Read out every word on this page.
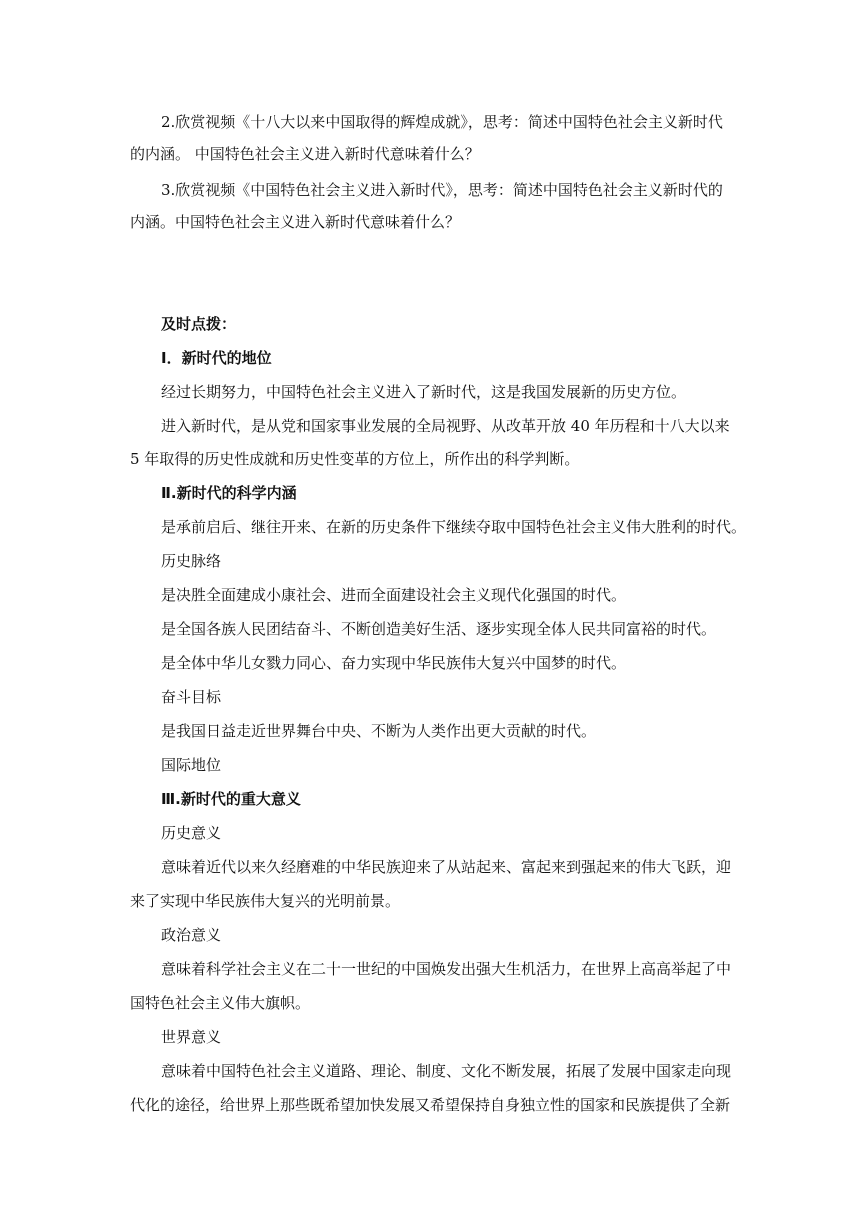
2.欣赏视频《十八大以来中国取得的辉煌成就》，思考：简述中国特色社会主义新时代

的内涵。 中国特色社会主义进入新时代意味着什么？

3.欣赏视频《中国特色社会主义进入新时代》，思考：简述中国特色社会主义新时代的

内涵。中国特色社会主义进入新时代意味着什么？

及时点拨：

Ⅰ．新时代的地位

经过长期努力，中国特色社会主义进入了新时代，这是我国发展新的历史方位。

进入新时代，是从党和国家事业发展的全局视野、从改革开放 40 年历程和十八大以来

5 年取得的历史性成就和历史性变革的方位上，所作出的科学判断。

Ⅱ.新时代的科学内涵

是承前启后、继往开来、在新的历史条件下继续夺取中国特色社会主义伟大胜利的时代。

历史脉络

是决胜全面建成小康社会、进而全面建设社会主义现代化强国的时代。

是全国各族人民团结奋斗、不断创造美好生活、逐步实现全体人民共同富裕的时代。

是全体中华儿女戮力同心、奋力实现中华民族伟大复兴中国梦的时代。

奋斗目标

是我国日益走近世界舞台中央、不断为人类作出更大贡献的时代。

国际地位

Ⅲ.新时代的重大意义

历史意义

意味着近代以来久经磨难的中华民族迎来了从站起来、富起来到强起来的伟大飞跃，迎

来了实现中华民族伟大复兴的光明前景。

政治意义

意味着科学社会主义在二十一世纪的中国焕发出强大生机活力，在世界上高高举起了中

国特色社会主义伟大旗帜。

世界意义

意味着中国特色社会主义道路、理论、制度、文化不断发展，拓展了发展中国家走向现

代化的途径，给世界上那些既希望加快发展又希望保持自身独立性的国家和民族提供了全新
